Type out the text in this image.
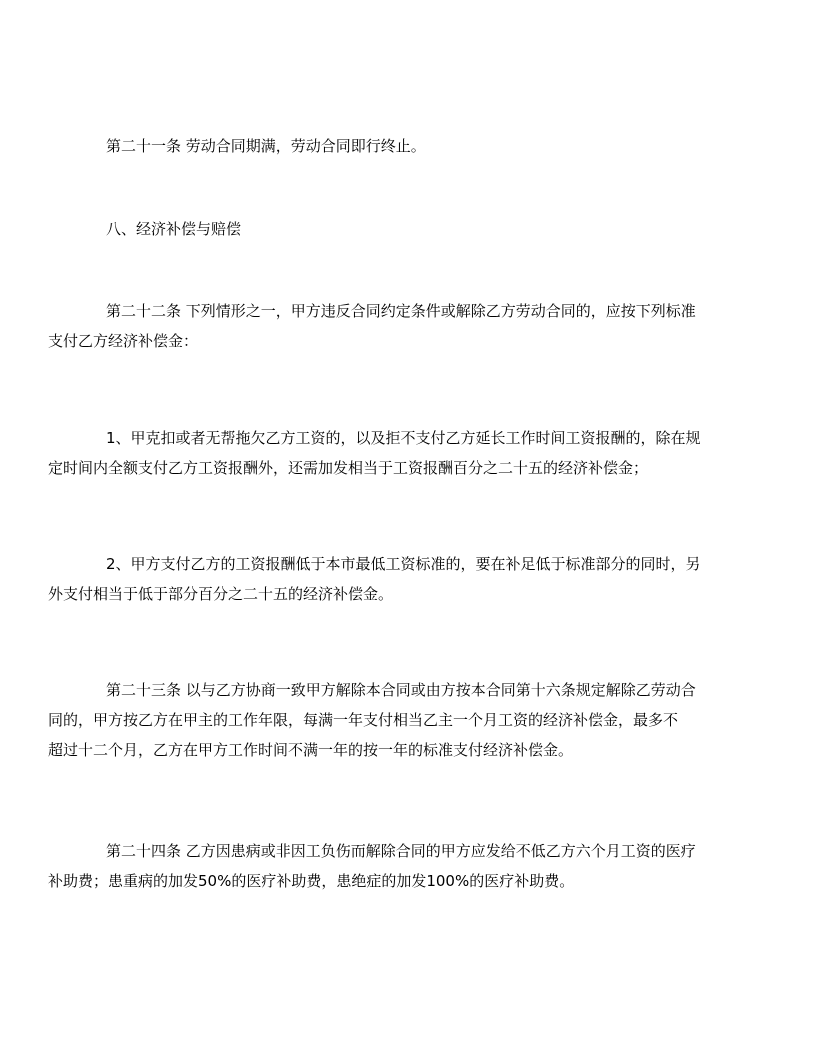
第二十一条 劳动合同期满，劳动合同即行终止。

八、经济补偿与赔偿

第二十二条 下列情形之一，甲方违反合同约定条件或解除乙方劳动合同的，应按下列标准
支付乙方经济补偿金：

1、甲克扣或者无帮拖欠乙方工资的，以及拒不支付乙方延长工作时间工资报酬的，除在规
定时间内全额支付乙方工资报酬外，还需加发相当于工资报酬百分之二十五的经济补偿金；

2、甲方支付乙方的工资报酬低于本市最低工资标准的，要在补足低于标准部分的同时，另
外支付相当于低于部分百分之二十五的经济补偿金。

第二十三条 以与乙方协商一致甲方解除本合同或由方按本合同第十六条规定解除乙劳动合
同的，甲方按乙方在甲主的工作年限，每满一年支付相当乙主一个月工资的经济补偿金，最多不
超过十二个月，乙方在甲方工作时间不满一年的按一年的标准支付经济补偿金。

第二十四条 乙方因患病或非因工负伤而解除合同的甲方应发给不低乙方六个月工资的医疗
补助费；患重病的加发50%的医疗补助费，患绝症的加发100%的医疗补助费。
